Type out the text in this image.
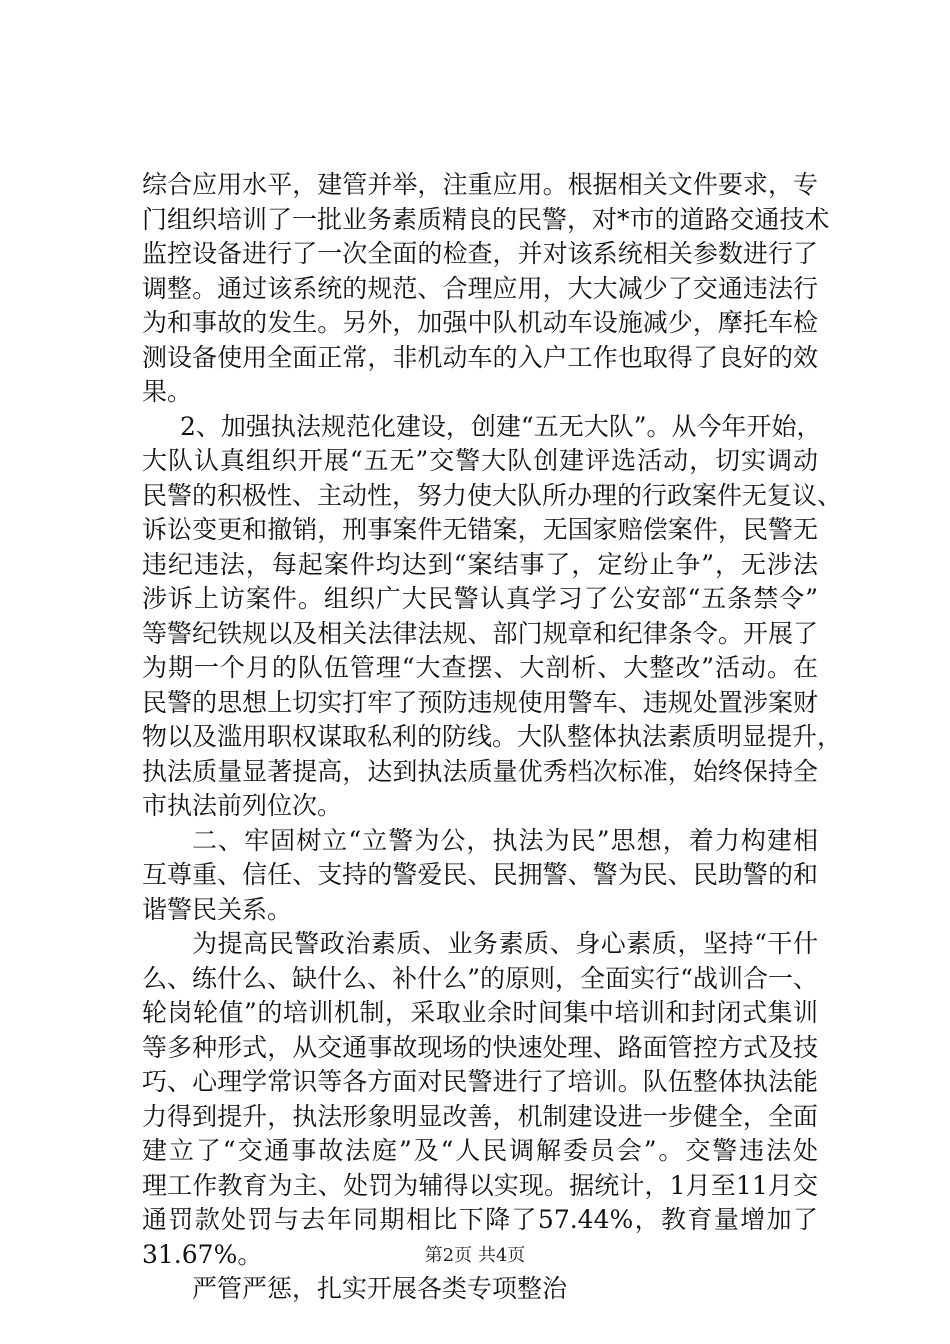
综合应用水平，建管并举，注重应用。根据相关文件要求，专
门组织培训了一批业务素质精良的民警，对*市的道路交通技术
监控设备进行了一次全面的检查，并对该系统相关参数进行了
调整。通过该系统的规范、合理应用，大大减少了交通违法行
为和事故的发生。另外，加强中队机动车设施减少，摩托车检
测设备使用全面正常，非机动车的入户工作也取得了良好的效
果。
2、加强执法规范化建设，创建“五无大队”。从今年开始，
大队认真组织开展“五无”交警大队创建评选活动，切实调动
民警的积极性、主动性，努力使大队所办理的行政案件无复议、
诉讼变更和撤销，刑事案件无错案，无国家赔偿案件，民警无
违纪违法，每起案件均达到“案结事了，定纷止争”，无涉法
涉诉上访案件。组织广大民警认真学习了公安部“五条禁令”
等警纪铁规以及相关法律法规、部门规章和纪律条令。开展了
为期一个月的队伍管理“大查摆、大剖析、大整改”活动。在
民警的思想上切实打牢了预防违规使用警车、违规处置涉案财
物以及滥用职权谋取私利的防线。大队整体执法素质明显提升，
执法质量显著提高，达到执法质量优秀档次标准，始终保持全
市执法前列位次。
二、牢固树立“立警为公，执法为民”思想，着力构建相
互尊重、信任、支持的警爱民、民拥警、警为民、民助警的和
谐警民关系。
为提高民警政治素质、业务素质、身心素质，坚持“干什
么、练什么、缺什么、补什么”的原则，全面实行“战训合一、
轮岗轮值”的培训机制，采取业余时间集中培训和封闭式集训
等多种形式，从交通事故现场的快速处理、路面管控方式及技
巧、心理学常识等各方面对民警进行了培训。队伍整体执法能
力得到提升，执法形象明显改善，机制建设进一步健全，全面
建立了“交通事故法庭”及“人民调解委员会”。交警违法处
理工作教育为主、处罚为辅得以实现。据统计，1月至11月交
通罚款处罚与去年同期相比下降了57.44%，教育量增加了
31.67%。
严管严惩，扎实开展各类专项整治
第2页 共4页
